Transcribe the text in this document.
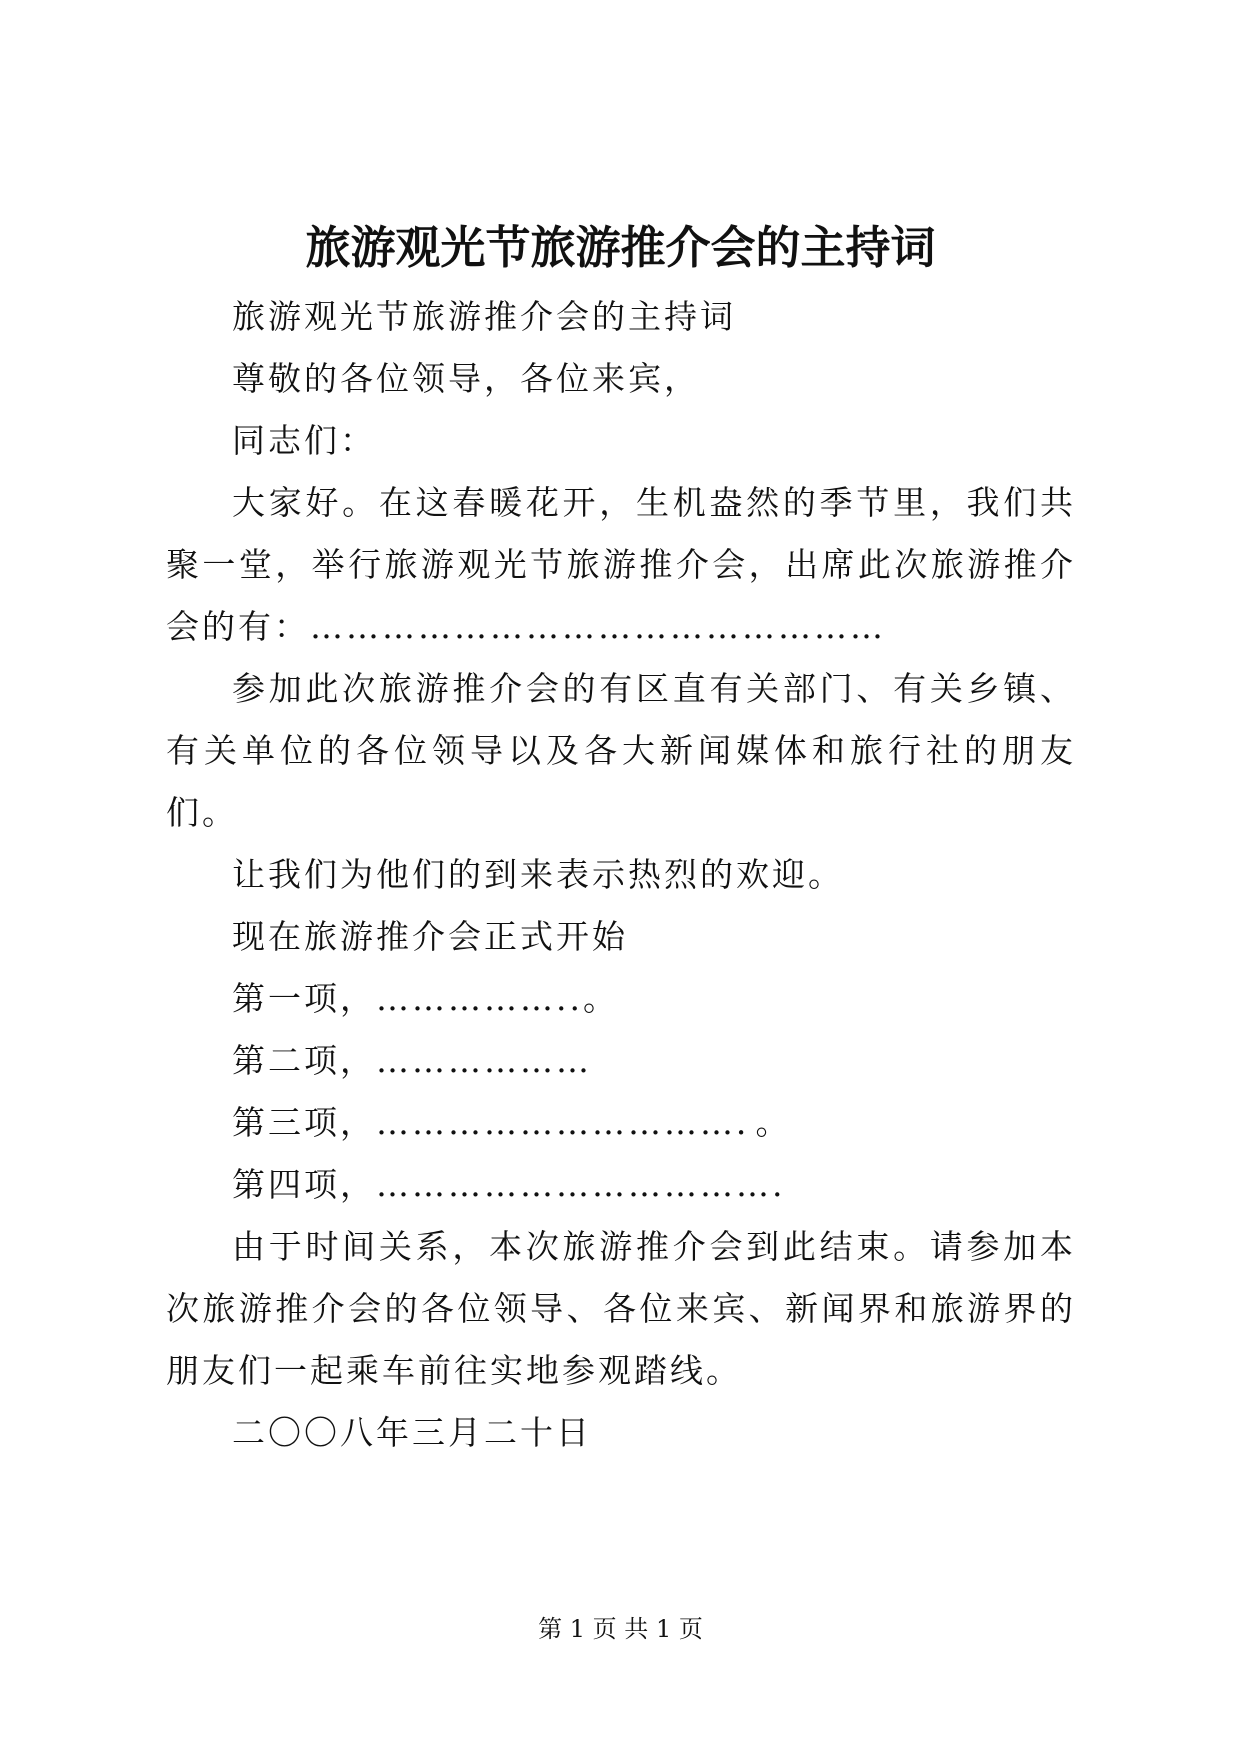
旅游观光节旅游推介会的主持词

旅游观光节旅游推介会的主持词

尊敬的各位领导，各位来宾，

同志们：

大家好。在这春暖花开，生机盎然的季节里，我们共聚一堂，举行旅游观光节旅游推介会，出席此次旅游推介会的有：…………………………………………

参加此次旅游推介会的有区直有关部门、有关乡镇、有关单位的各位领导以及各大新闻媒体和旅行社的朋友们。

让我们为他们的到来表示热烈的欢迎。

现在旅游推介会正式开始

第一项，……………..。

第二项，………………

第三项，…………………………．。

第四项，…………………………….

由于时间关系，本次旅游推介会到此结束。请参加本次旅游推介会的各位领导、各位来宾、新闻界和旅游界的朋友们一起乘车前往实地参观踏线。

二〇〇八年三月二十日

第 1 页 共 1 页
